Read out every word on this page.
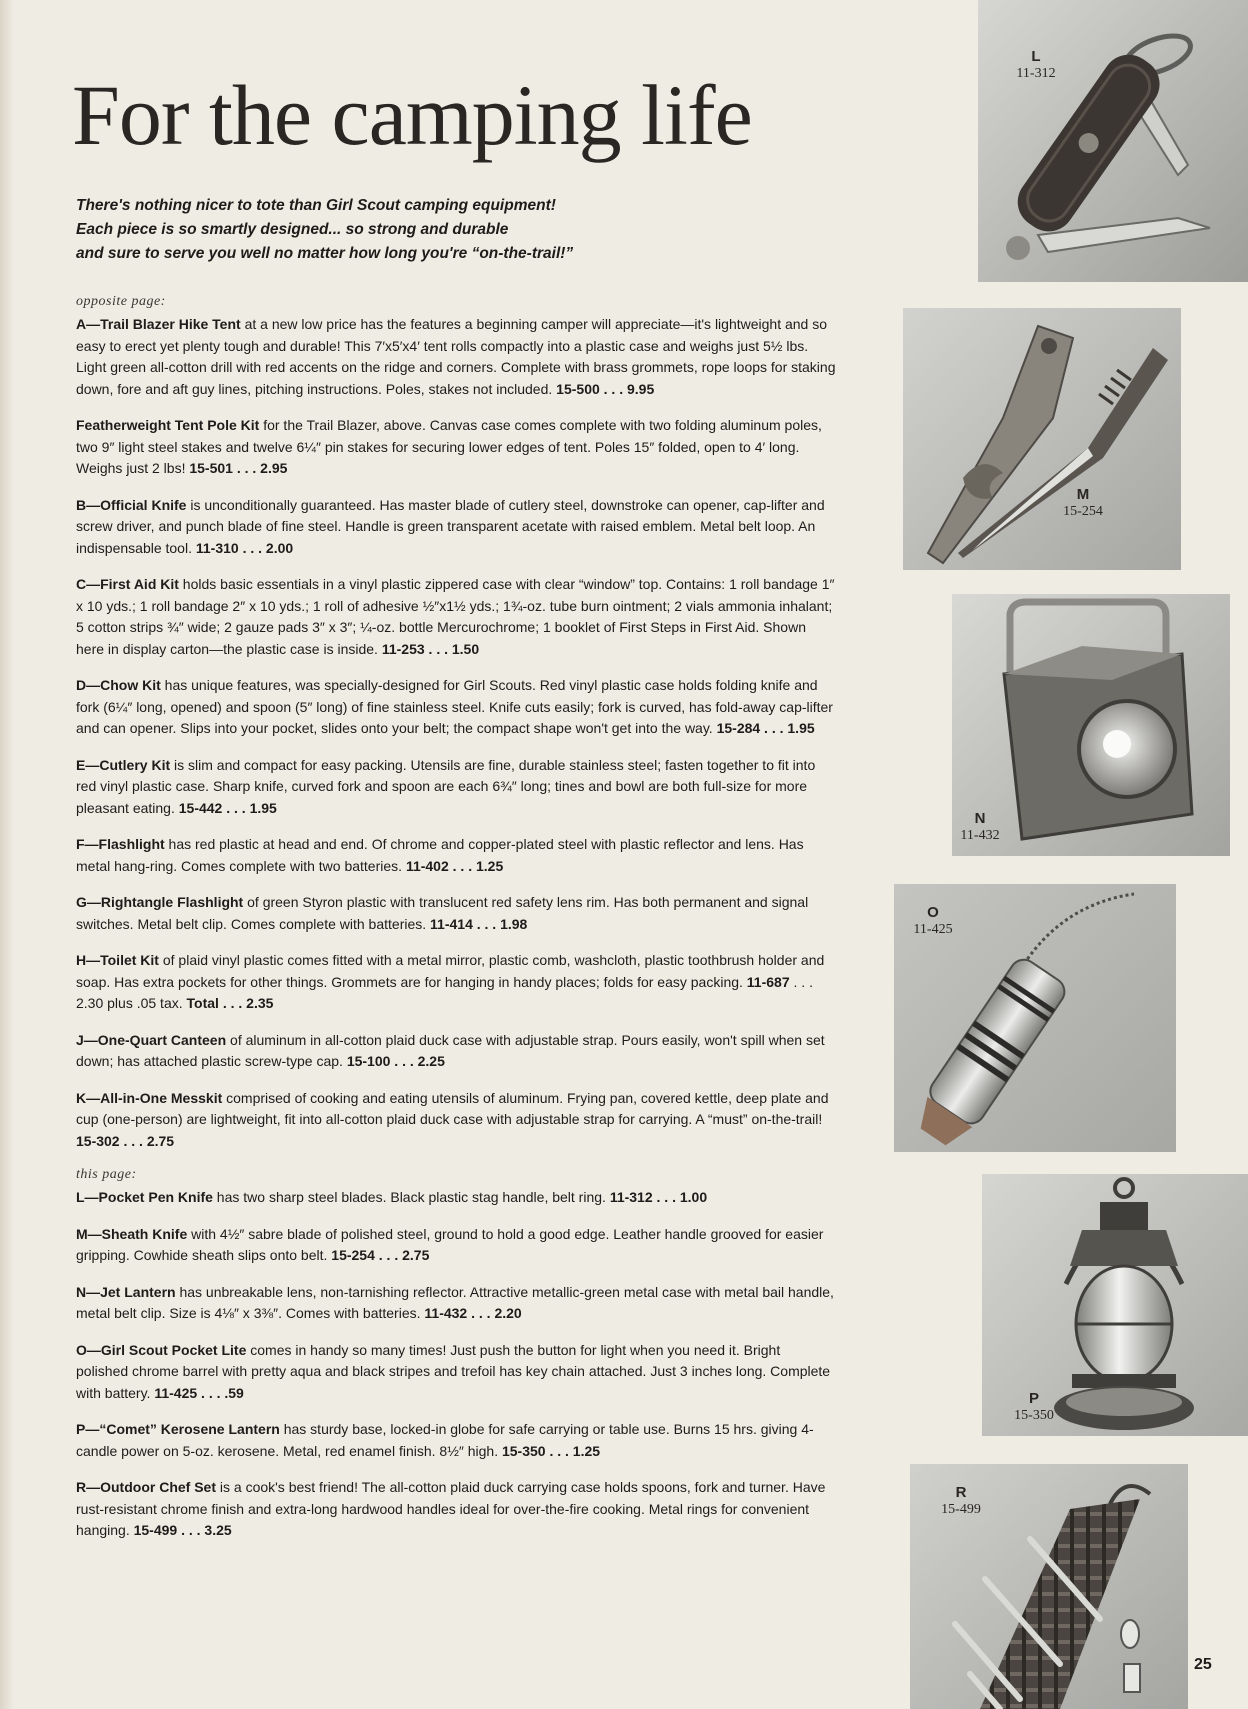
For the camping life
There's nothing nicer to tote than Girl Scout camping equipment!
Each piece is so smartly designed... so strong and durable
and sure to serve you well no matter how long you're “on-the-trail!”
opposite page:

A—Trail Blazer Hike Tent at a new low price has the features a beginning camper will appreciate—it's lightweight and so easy to erect yet plenty tough and durable! This 7′x5′x4′ tent rolls compactly into a plastic case and weighs just 5½ lbs. Light green all-cotton drill with red accents on the ridge and corners. Complete with brass grommets, rope loops for staking down, fore and aft guy lines, pitching instructions. Poles, stakes not included. 15-500 . . . 9.95

Featherweight Tent Pole Kit for the Trail Blazer, above. Canvas case comes complete with two folding aluminum poles, two 9″ light steel stakes and twelve 6¼″ pin stakes for securing lower edges of tent. Poles 15″ folded, open to 4′ long. Weighs just 2 lbs! 15-501 . . . 2.95

B—Official Knife is unconditionally guaranteed. Has master blade of cutlery steel, downstroke can opener, cap-lifter and screw driver, and punch blade of fine steel. Handle is green transparent acetate with raised emblem. Metal belt loop. An indispensable tool. 11-310 . . . 2.00

C—First Aid Kit holds basic essentials in a vinyl plastic zippered case with clear “window” top. Contains: 1 roll bandage 1″ x 10 yds.; 1 roll bandage 2″ x 10 yds.; 1 roll of adhesive ½″x1½ yds.; 1¾-oz. tube burn ointment; 2 vials ammonia inhalant; 5 cotton strips ¾″ wide; 2 gauze pads 3″ x 3″; ¼-oz. bottle Mercurochrome; 1 booklet of First Steps in First Aid. Shown here in display carton—the plastic case is inside. 11-253 . . . 1.50

D—Chow Kit has unique features, was specially-designed for Girl Scouts. Red vinyl plastic case holds folding knife and fork (6¼″ long, opened) and spoon (5″ long) of fine stainless steel. Knife cuts easily; fork is curved, has fold-away cap-lifter and can opener. Slips into your pocket, slides onto your belt; the compact shape won't get into the way. 15-284 . . . 1.95

E—Cutlery Kit is slim and compact for easy packing. Utensils are fine, durable stainless steel; fasten together to fit into red vinyl plastic case. Sharp knife, curved fork and spoon are each 6¾″ long; tines and bowl are both full-size for more pleasant eating. 15-442 . . . 1.95

F—Flashlight has red plastic at head and end. Of chrome and copper-plated steel with plastic reflector and lens. Has metal hang-ring. Comes complete with two batteries. 11-402 . . . 1.25

G—Rightangle Flashlight of green Styron plastic with translucent red safety lens rim. Has both permanent and signal switches. Metal belt clip. Comes complete with batteries. 11-414 . . . 1.98

H—Toilet Kit of plaid vinyl plastic comes fitted with a metal mirror, plastic comb, washcloth, plastic toothbrush holder and soap. Has extra pockets for other things. Grommets are for hanging in handy places; folds for easy packing. 11-687 . . . 2.30 plus .05 tax. Total . . . 2.35

J—One-Quart Canteen of aluminum in all-cotton plaid duck case with adjustable strap. Pours easily, won't spill when set down; has attached plastic screw-type cap. 15-100 . . . 2.25

K—All-in-One Messkit comprised of cooking and eating utensils of aluminum. Frying pan, covered kettle, deep plate and cup (one-person) are lightweight, fit into all-cotton plaid duck case with adjustable strap for carrying. A “must” on-the-trail! 15-302 . . . 2.75

this page:

L—Pocket Pen Knife has two sharp steel blades. Black plastic stag handle, belt ring. 11-312 . . . 1.00

M—Sheath Knife with 4½″ sabre blade of polished steel, ground to hold a good edge. Leather handle grooved for easier gripping. Cowhide sheath slips onto belt. 15-254 . . . 2.75

N—Jet Lantern has unbreakable lens, non-tarnishing reflector. Attractive metallic-green metal case with metal bail handle, metal belt clip. Size is 4⅛″ x 3⅜″. Comes with batteries. 11-432 . . . 2.20

O—Girl Scout Pocket Lite comes in handy so many times! Just push the button for light when you need it. Bright polished chrome barrel with pretty aqua and black stripes and trefoil has key chain attached. Just 3 inches long. Complete with battery. 11-425 . . . .59

P—“Comet” Kerosene Lantern has sturdy base, locked-in globe for safe carrying or table use. Burns 15 hrs. giving 4-candle power on 5-oz. kerosene. Metal, red enamel finish. 8½″ high. 15-350 . . . 1.25

R—Outdoor Chef Set is a cook's best friend! The all-cotton plaid duck carrying case holds spoons, fork and turner. Have rust-resistant chrome finish and extra-long hardwood handles ideal for over-the-fire cooking. Metal rings for convenient hanging. 15-499 . . . 3.25

L
11-312
M
15-254
N
11-432
O
11-425
P
15-350
R
15-499
25
